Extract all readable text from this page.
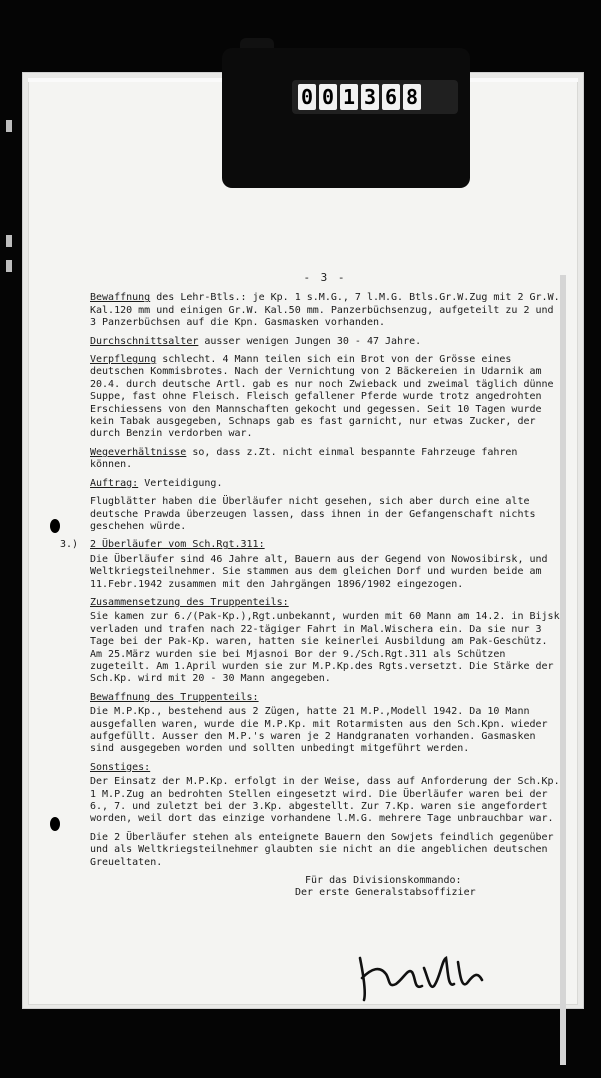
0 0 1 3 6 8
- 3 -

Bewaffnung des Lehr-Btls.: je Kp. 1 s.M.G., 7 l.M.G. Btls.Gr.W.Zug mit 2 Gr.W. Kal.120 mm und einigen Gr.W. Kal.50 mm. Panzerbüchsenzug, aufgeteilt zu 2 und 3 Panzerbüchsen auf die Kpn. Gasmasken vorhanden.

Durchschnittsalter ausser wenigen Jungen 30 - 47 Jahre.

Verpflegung schlecht. 4 Mann teilen sich ein Brot von der Grösse eines deutschen Kommisbrotes. Nach der Vernichtung von 2 Bäckereien in Udarnik am 20.4. durch deutsche Artl. gab es nur noch Zwieback und zweimal täglich dünne Suppe, fast ohne Fleisch. Fleisch gefallener Pferde wurde trotz angedrohten Erschiessens von den Mannschaften gekocht und gegessen. Seit 10 Tagen wurde kein Tabak ausgegeben, Schnaps gab es fast garnicht, nur etwas Zucker, der durch Benzin verdorben war.

Wegeverhältnisse so, dass z.Zt. nicht einmal bespannte Fahrzeuge fahren können.

Auftrag: Verteidigung.

Flugblätter haben die Überläufer nicht gesehen, sich aber durch eine alte deutsche Prawda überzeugen lassen, dass ihnen in der Gefangenschaft nichts geschehen würde.

3.) 2 Überläufer vom Sch.Rgt.311:

Die Überläufer sind 46 Jahre alt, Bauern aus der Gegend von Nowosibirsk, und Weltkriegsteilnehmer. Sie stammen aus dem gleichen Dorf und wurden beide am 11.Febr.1942 zusammen mit den Jahrgängen 1896/1902 eingezogen.

Zusammensetzung des Truppenteils:

Sie kamen zur 6./(Pak-Kp.),Rgt.unbekannt, wurden mit 60 Mann am 14.2. in Bijsk verladen und trafen nach 22-tägiger Fahrt in Mal.Wischera ein. Da sie nur 3 Tage bei der Pak-Kp. waren, hatten sie keinerlei Ausbildung am Pak-Geschütz. Am 25.März wurden sie bei Mjasnoi Bor der 9./Sch.Rgt.311 als Schützen zugeteilt. Am 1.April wurden sie zur M.P.Kp.des Rgts.versetzt. Die Stärke der Sch.Kp. wird mit 20 - 30 Mann angegeben.

Bewaffnung des Truppenteils:

Die M.P.Kp., bestehend aus 2 Zügen, hatte 21 M.P.,Modell 1942. Da 10 Mann ausgefallen waren, wurde die M.P.Kp. mit Rotarmisten aus den Sch.Kpn. wieder aufgefüllt. Ausser den M.P.'s waren je 2 Handgranaten vorhanden. Gasmasken sind ausgegeben worden und sollten unbedingt mitgeführt werden.

Sonstiges:

Der Einsatz der M.P.Kp. erfolgt in der Weise, dass auf Anforderung der Sch.Kp. 1 M.P.Zug an bedrohten Stellen eingesetzt wird. Die Überläufer waren bei der 6., 7. und zuletzt bei der 3.Kp. abgestellt. Zur 7.Kp. waren sie angefordert worden, weil dort das einzige vorhandene l.M.G. mehrere Tage unbrauchbar war.

Die 2 Überläufer stehen als enteignete Bauern den Sowjets feindlich gegenüber und als Weltkriegsteilnehmer glaubten sie nicht an die angeblichen deutschen Greueltaten.

Für das Divisionskommando:
Der erste Generalstabsoffizier
